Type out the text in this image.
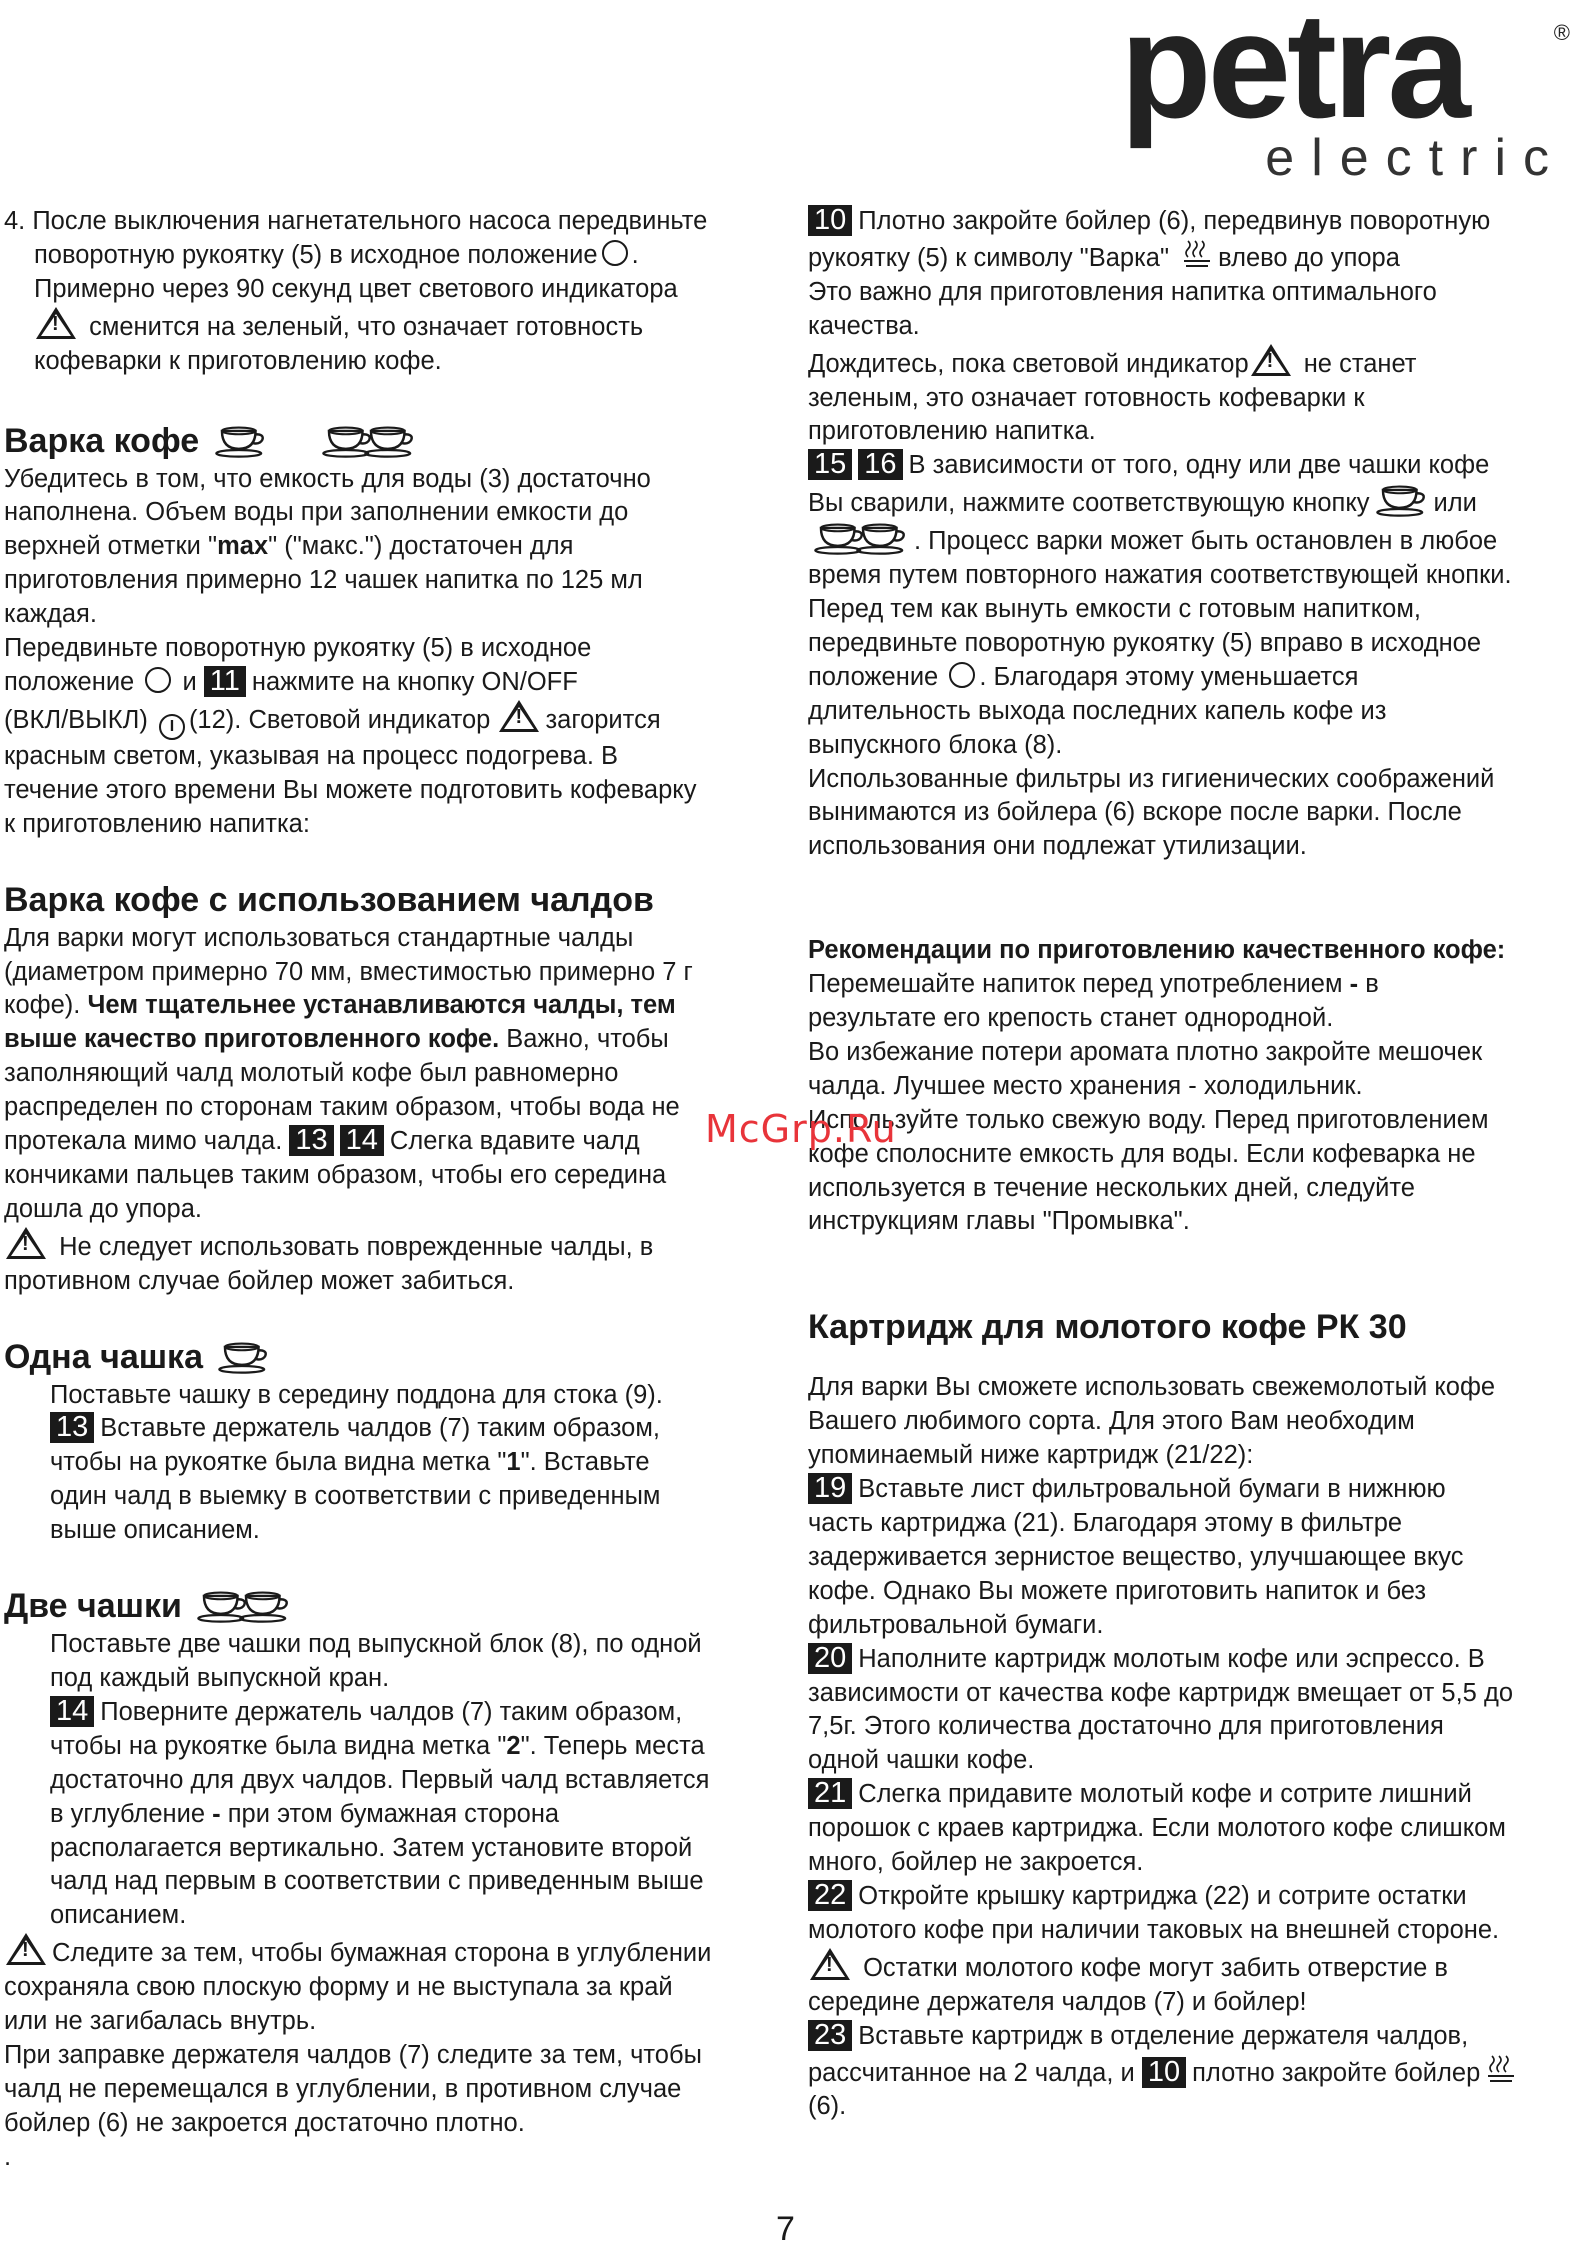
petra	®
electric
4. После выключения нагнетательного насоса передвиньте
поворотную рукоятку (5) в исходное положение .
Примерно через 90 секунд цвет светового индикатора
! сменится на зеленый, что означает готовность
кофеварки к приготовлению кофе.
Варка кофе
Убедитесь в том, что емкость для воды (3) достаточно
наполнена. Объем воды при заполнении емкости до
верхней отметки "max" ("макс.") достаточен для
приготовления примерно 12 чашек напитка по 125 мл
каждая.
Передвиньте поворотную рукоятку (5) в исходное
положение и 11 нажмите на кнопку ON/OFF
(ВКЛ/ВЫКЛ) I (12). Световой индикатор ! загорится
красным светом, указывая на процесс подогрева. В
течение этого времени Вы можете подготовить кофеварку
к приготовлению напитка:
Варка кофе с использованием чалдов
Для варки могут использоваться стандартные чалды
(диаметром примерно 70 мм, вместимостью примерно 7 г
кофе). Чем тщательнее устанавливаются чалды, тем
выше качество приготовленного кофе. Важно, чтобы
заполняющий чалд молотый кофе был равномерно
распределен по сторонам таким образом, чтобы вода не
протекала мимо чалда. 13 14 Слегка вдавите чалд
кончиками пальцев таким образом, чтобы его середина
дошла до упора.
! Не следует использовать поврежденные чалды, в
противном случае бойлер может забиться.
Одна чашка
Поставьте чашку в середину поддона для стока (9).
13 Вставьте держатель чалдов (7) таким образом,
чтобы на рукоятке была видна метка "1". Вставьте
один чалд в выемку в соответствии с приведенным
выше описанием.
Две чашки
Поставьте две чашки под выпускной блок (8), по одной
под каждый выпускной кран.
14 Поверните держатель чалдов (7) таким образом,
чтобы на рукоятке была видна метка "2". Теперь места
достаточно для двух чалдов. Первый чалд вставляется
в углубление - при этом бумажная сторона
располагается вертикально. Затем установите второй
чалд над первым в соответствии с приведенным выше
описанием.
!Следите за тем, чтобы бумажная сторона в углублении
сохраняла свою плоскую форму и не выступала за край
или не загибалась внутрь.
При заправке держателя чалдов (7) следите за тем, чтобы
чалд не перемещался в углублении, в противном случае
бойлер (6) не закроется достаточно плотно.
.
10 Плотно закройте бойлер (6), передвинув поворотную
рукоятку (5) к символу "Варка" влево до упора
Это важно для приготовления напитка оптимального
качества.
Дождитесь, пока световой индикатор ! не станет
зеленым, это означает готовность кофеварки к
приготовлению напитка.
15 16 В зависимости от того, одну или две чашки кофе
Вы сварили, нажмите соответствующую кнопку	или
. Процесс варки может быть остановлен в любое
время путем повторного нажатия соответствующей кнопки.
Перед тем как вынуть емкости с готовым напитком,
передвиньте поворотную рукоятку (5) вправо в исходное
положение . Благодаря этому уменьшается
длительность выхода последних капель кофе из
выпускного блока (8).
Использованные фильтры из гигиенических соображений
вынимаются из бойлера (6) вскоре после варки. После
использования они подлежат утилизации.
Рекомендации по приготовлению качественного кофе:
Перемешайте напиток перед употреблением - в
результате его крепость станет однородной.
Во избежание потери аромата плотно закройте мешочек
чалда. Лучшее место хранения - холодильник.
Используйте только свежую воду. Перед приготовлением
кофе сполосните емкость для воды. Если кофеварка не
используется в течение нескольких дней, следуйте
инструкциям главы "Промывка".
Картридж для молотого кофе РК 30
Для варки Вы сможете использовать свежемолотый кофе
Вашего любимого сорта. Для этого Вам необходим
упоминаемый ниже картридж (21/22):
19 Вставьте лист фильтровальной бумаги в нижнюю
часть картриджа (21). Благодаря этому в фильтре
задерживается зернистое вещество, улучшающее вкус
кофе. Однако Вы можете приготовить напиток и без
фильтровальной бумаги.
20 Наполните картридж молотым кофе или эспрессо. В
зависимости от качества кофе картридж вмещает от 5,5 до
7,5г. Этого количества достаточно для приготовления
одной чашки кофе.
21 Слегка придавите молотый кофе и сотрите лишний
порошок с краев картриджа. Если молотого кофе слишком
много, бойлер не закроется.
22 Откройте крышку картриджа (22) и сотрите остатки
молотого кофе при наличии таковых на внешней стороне.
! Остатки молотого кофе могут забить отверстие в
середине держателя чалдов (7) и бойлер!
23 Вставьте картридж в отделение держателя чалдов,
рассчитанное на 2 чалда, и 10 плотно закройте бойлер
(6).
McGrp.Ru
7
